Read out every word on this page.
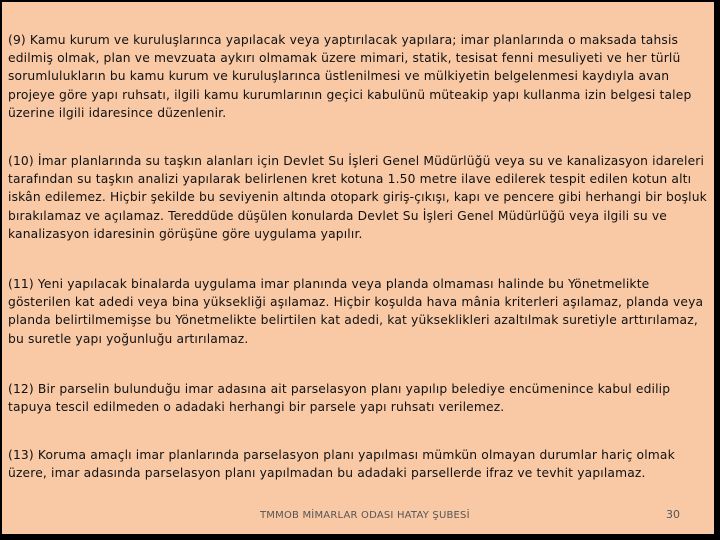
(9) Kamu kurum ve kuruluşlarınca yapılacak veya yaptırılacak yapılara; imar planlarında o maksadа tahsis edilmiş olmak, plan ve mevzuata aykırı olmamak üzere mimari, statik, tesisat fenni mesuliyeti ve her türlü sorumlulukların bu kamu kurum ve kuruluşlarınca üstlenilmesi ve mülkiyetin belgelenmesi kaydıyla avan projeye göre yapı ruhsatı, ilgili kamu kurumlarının geçici kabulünü müteakip yapı kullanma izin belgesi talep üzerine ilgili idaresince düzenlenir.

(10) İmar planlarında su taşkın alanları için Devlet Su İşleri Genel Müdürlüğü veya su ve kanalizasyon idareleri tarafından su taşkın analizi yapılarak belirlenen kret kotuna 1.50 metre ilave edilerek tespit edilen kotun altı iskân edilemez. Hiçbir şekilde bu seviyenin altında otopark giriş-çıkışı, kapı ve pencere gibi herhangi bir boşluk bırakılamaz ve açılamaz. Tereddüde düşülen konularda Devlet Su İşleri Genel Müdürlüğü veya ilgili su ve kanalizasyon idaresinin görüşüne göre uygulama yapılır.

(11) Yeni yapılacak binalarda uygulama imar planında veya planda olmaması halinde bu Yönetmelikte gösterilen kat adedi veya bina yüksekliği aşılamaz. Hiçbir koşulda hava mânia kriterleri aşılamaz, planda veya planda belirtilmemişse bu Yönetmelikte belirtilen kat adedi, kat yükseklikleri azaltılmak suretiyle arttırılamaz, bu suretle yapı yoğunluğu artırılamaz.

(12) Bir parselin bulunduğu imar adasına ait parselasyon planı yapılıp belediye encümenince kabul edilip tapuya tescil edilmeden o adadaki herhangi bir parsele yapı ruhsatı verilemez.

(13) Koruma amaçlı imar planlarında parselasyon planı yapılması mümkün olmayan durumlar hariç olmak üzere, imar adasında parselasyon planı yapılmadan bu adadaki parsellerde ifraz ve tevhit yapılamaz.

TMMOB MİMARLAR ODASI HATAY ŞUBESİ	30
